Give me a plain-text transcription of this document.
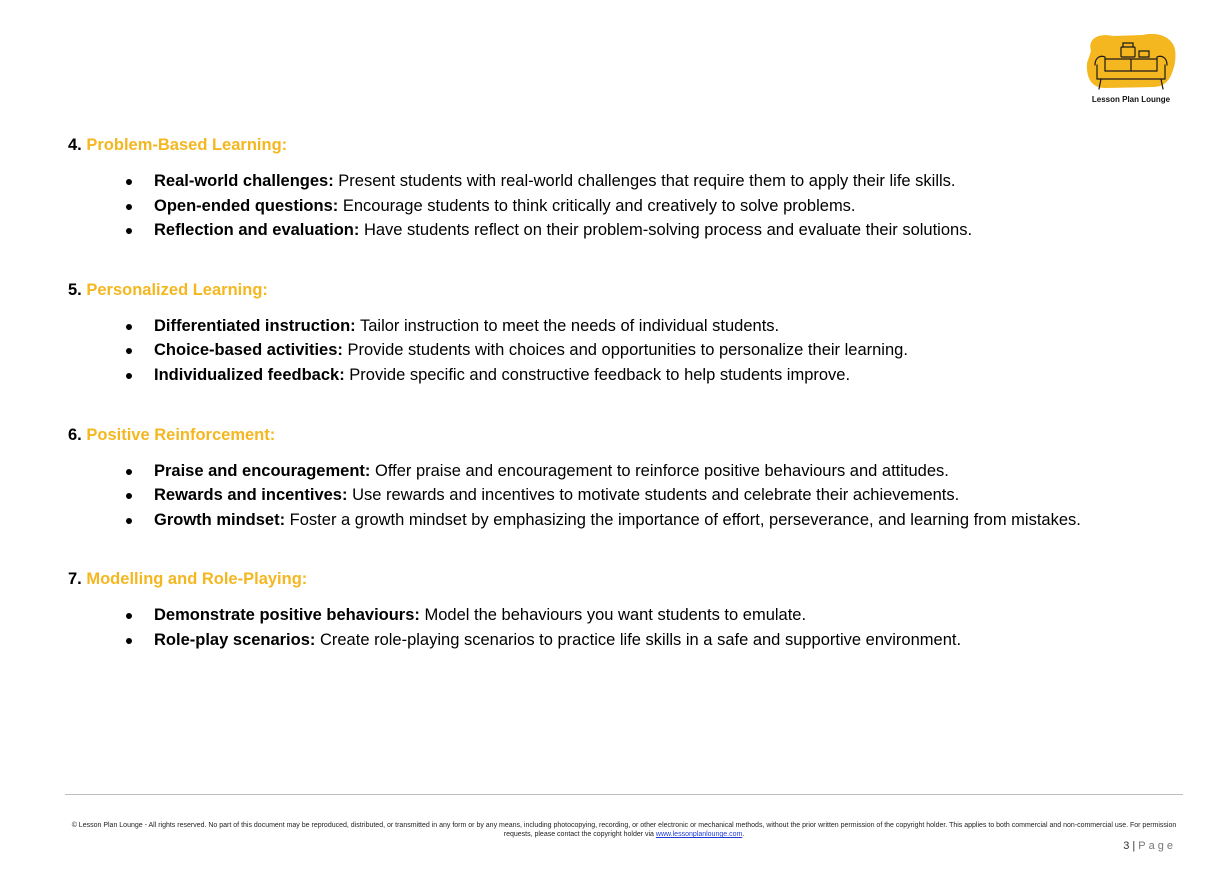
Lesson Plan Lounge
4. Problem-Based Learning:
Real-world challenges: Present students with real-world challenges that require them to apply their life skills.
Open-ended questions: Encourage students to think critically and creatively to solve problems.
Reflection and evaluation: Have students reflect on their problem-solving process and evaluate their solutions.
5. Personalized Learning:
Differentiated instruction: Tailor instruction to meet the needs of individual students.
Choice-based activities: Provide students with choices and opportunities to personalize their learning.
Individualized feedback: Provide specific and constructive feedback to help students improve.
6. Positive Reinforcement:
Praise and encouragement: Offer praise and encouragement to reinforce positive behaviours and attitudes.
Rewards and incentives: Use rewards and incentives to motivate students and celebrate their achievements.
Growth mindset: Foster a growth mindset by emphasizing the importance of effort, perseverance, and learning from mistakes.
7. Modelling and Role-Playing:
Demonstrate positive behaviours: Model the behaviours you want students to emulate.
Role-play scenarios: Create role-playing scenarios to practice life skills in a safe and supportive environment.
© Lesson Plan Lounge - All rights reserved. No part of this document may be reproduced, distributed, or transmitted in any form or by any means, including photocopying, recording, or other electronic or mechanical methods, without the prior written permission of the copyright holder. This applies to both commercial and non-commercial use. For permission requests, please contact the copyright holder via www.lessonplanlounge.com.
3 | Page
